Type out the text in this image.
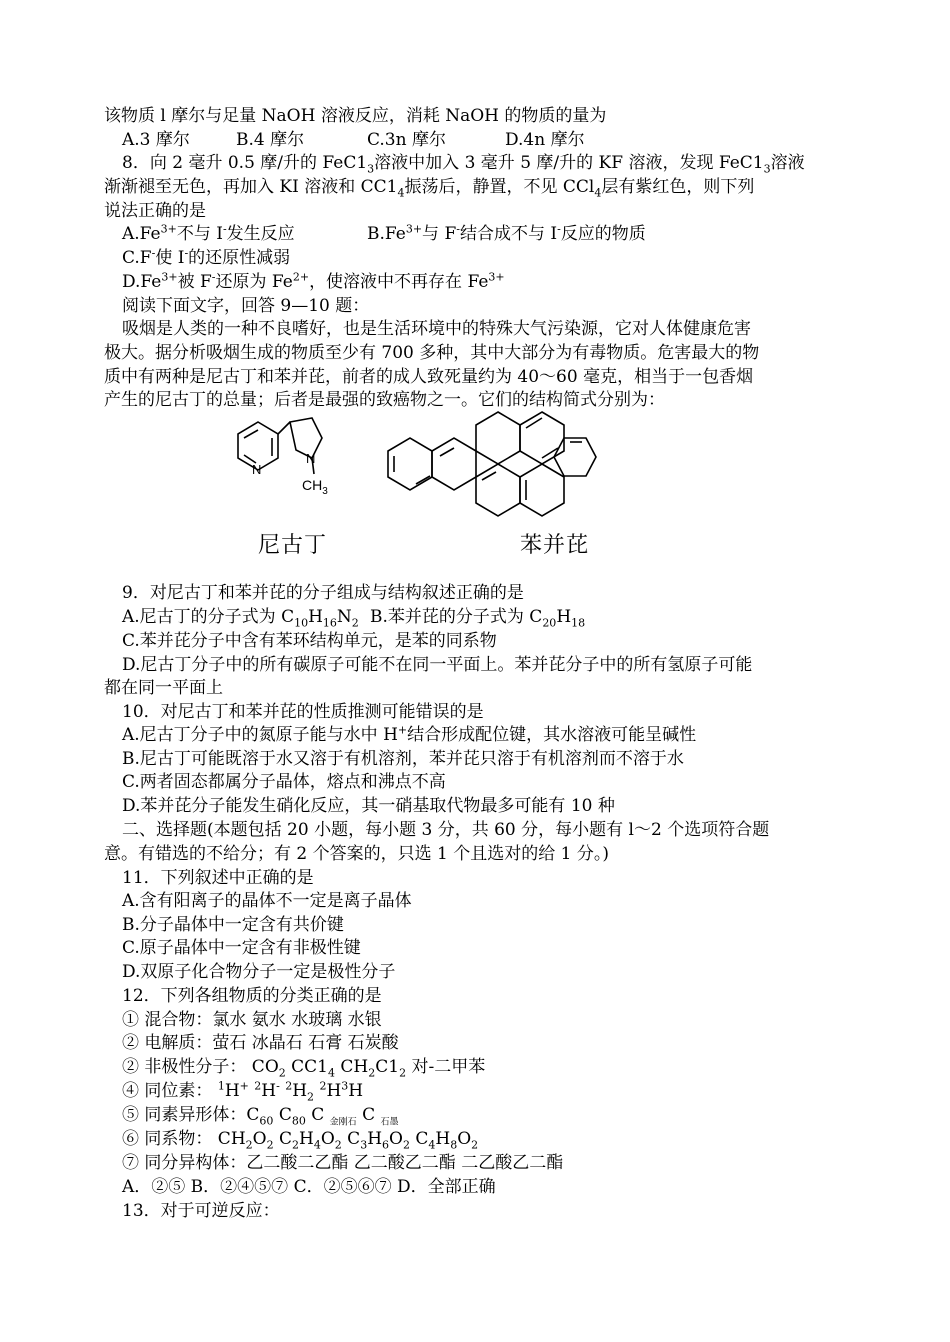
该物质 l 摩尔与足量 NaOH 溶液反应，消耗 NaOH 的物质的量为
A.3 摩尔	B.4 摩尔	C.3n 摩尔	D.4n 摩尔
8．向 2 毫升 0.5 摩/升的 $FeC1_3$溶液中加入 3 毫升 5 摩/升的 KF 溶液，发现 $FeC1_3$溶液
渐渐褪至无色，再加入 KI 溶液和 $CC1_4$振荡后，静置，不见 CCl$_4$层有紫红色，则下列
说法正确的是
$A.Fe^{3+}$不与 I-发生反应	$B.Fe^{3+}$与 F-结合成不与 I-反应的物质
C.F-使 I-的还原性减弱
$D.Fe^{3+}$被 F-还原为 $Fe^{2+}$，使溶液中不再存在 $Fe^{3+}$
阅读下面文字，回答 9—10 题：
吸烟是人类的一种不良嗜好，也是生活环境中的特殊大气污染源，它对人体健康危害
极大。据分析吸烟生成的物质至少有 700 多种，其中大部分为有毒物质。危害最大的物
质中有两种是尼古丁和苯并芘，前者的成人致死量约为 40～60 毫克，相当于一包香烟
产生的尼古丁的总量；后者是最强的致癌物之一。它们的结构简式分别为：
N
N
$CH_3$
尼古丁	苯并芘
9．对尼古丁和苯并芘的分子组成与结构叙述正确的是
A.尼古丁的分子式为 $C_{10}H_{16}N_2$ B.苯并芘的分子式为 $C_{20}H_{18}$
C.苯并芘分子中含有苯环结构单元，是苯的同系物
D.尼古丁分子中的所有碳原子可能不在同一平面上。苯并芘分子中的所有氢原子可能
都在同一平面上
10．对尼古丁和苯并芘的性质推测可能错误的是
A.尼古丁分子中的氮原子能与水中 H+结合形成配位键，其水溶液可能呈碱性
B.尼古丁可能既溶于水又溶于有机溶剂，苯并芘只溶于有机溶剂而不溶于水
C.两者固态都属分子晶体，熔点和沸点不高
D.苯并芘分子能发生硝化反应，其一硝基取代物最多可能有 10 种
二、选择题(本题包括 20 小题，每小题 3 分，共 60 分，每小题有 l～2 个选项符合题
意。有错选的不给分；有 2 个答案的，只选 1 个且选对的给 1 分。)
11．下列叙述中正确的是
A.含有阳离子的晶体不一定是离子晶体
B.分子晶体中一定含有共价键
C.原子晶体中一定含有非极性键
D.双原子化合物分子一定是极性分子
12．下列各组物质的分类正确的是
① 混合物：氯水 氨水 水玻璃 水银
② 电解质：萤石 冰晶石 石膏 石炭酸
② 非极性分子： $CO_2$ $CC1_4$ $CH_2C1_2$ 对-二甲苯
④ 同位素： $^1$H+ $^2$H- $^2H_2$ $^2H^3H$
⑤ 同素异形体：$C_{60}$ $C_{80}$ C $_{金刚石}$ C $_{石墨}$
⑥ 同系物： $CH_2O_2$ $C_2H_4O_2$ $C_3H_6O_2$ $C_4H_8O_2$
⑦ 同分异构体：乙二酸二乙酯 乙二酸乙二酯 二乙酸乙二酯
A．②⑤ B．②④⑤⑦ C．②⑤⑥⑦ D．全部正确
13．对于可逆反应：
